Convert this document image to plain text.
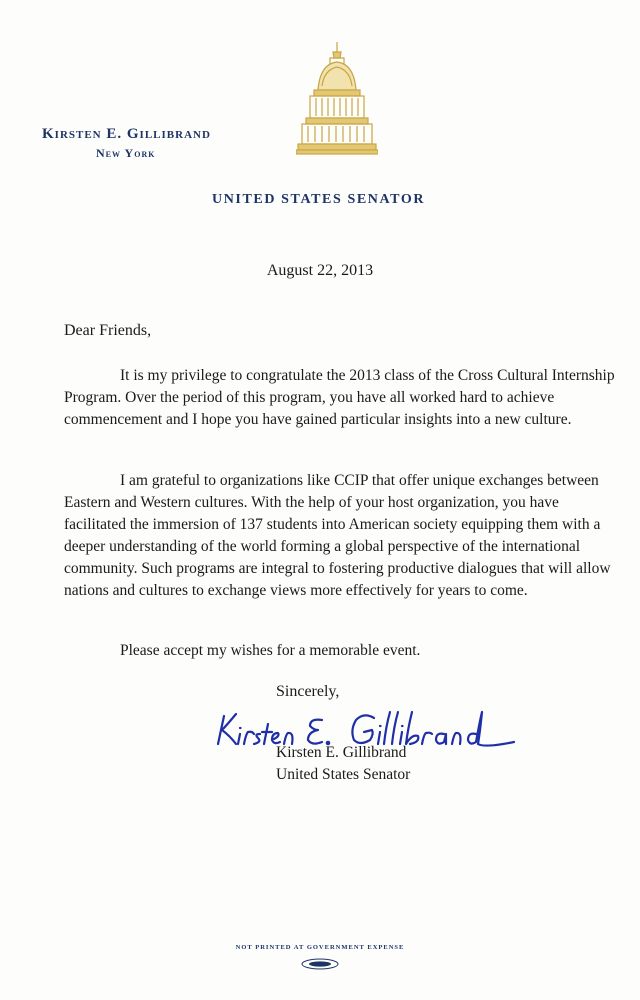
Kirsten E. Gillibrand
New York
UNITED STATES SENATOR
August 22, 2013
Dear Friends,
It is my privilege to congratulate the 2013 class of the Cross Cultural Internship Program. Over the period of this program, you have all worked hard to achieve commencement and I hope you have gained particular insights into a new culture.
I am grateful to organizations like CCIP that offer unique exchanges between Eastern and Western cultures. With the help of your host organization, you have facilitated the immersion of 137 students into American society equipping them with a deeper understanding of the world forming a global perspective of the international community. Such programs are integral to fostering productive dialogues that will allow nations and cultures to exchange views more effectively for years to come.
Please accept my wishes for a memorable event.
Sincerely,
Kirsten E. Gillibrand
United States Senator
NOT PRINTED AT GOVERNMENT EXPENSE
